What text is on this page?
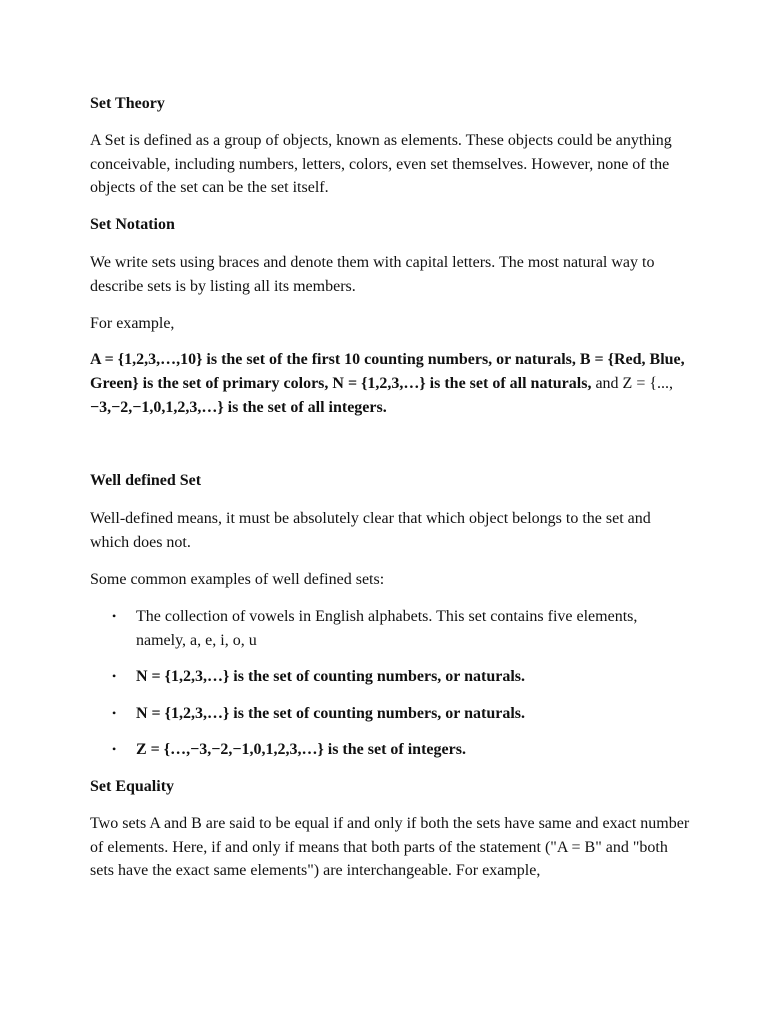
Set Theory

A Set is defined as a group of objects, known as elements. These objects could be anything conceivable, including numbers, letters, colors, even set themselves. However, none of the objects of the set can be the set itself.

Set Notation

We write sets using braces and denote them with capital letters. The most natural way to describe sets is by listing all its members.

For example,

A = {1,2,3,…,10} is the set of the first 10 counting numbers, or naturals, B = {Red, Blue, Green} is the set of primary colors, N = {1,2,3,…} is the set of all naturals, and Z = {...,−3,−2,−1,0,1,2,3,…} is the set of all integers.
Well defined Set

Well-defined means, it must be absolutely clear that which object belongs to the set and which does not.

Some common examples of well defined sets:

• The collection of vowels in English alphabets. This set contains five elements, namely, a, e, i, o, u
• N = {1,2,3,…} is the set of counting numbers, or naturals.
• N = {1,2,3,…} is the set of counting numbers, or naturals.
• Z = {…,−3,−2,−1,0,1,2,3,…} is the set of integers.
Set Equality

Two sets A and B are said to be equal if and only if both the sets have same and exact number of elements. Here, if and only if means that both parts of the statement ("A = B" and "both sets have the exact same elements") are interchangeable. For example,
